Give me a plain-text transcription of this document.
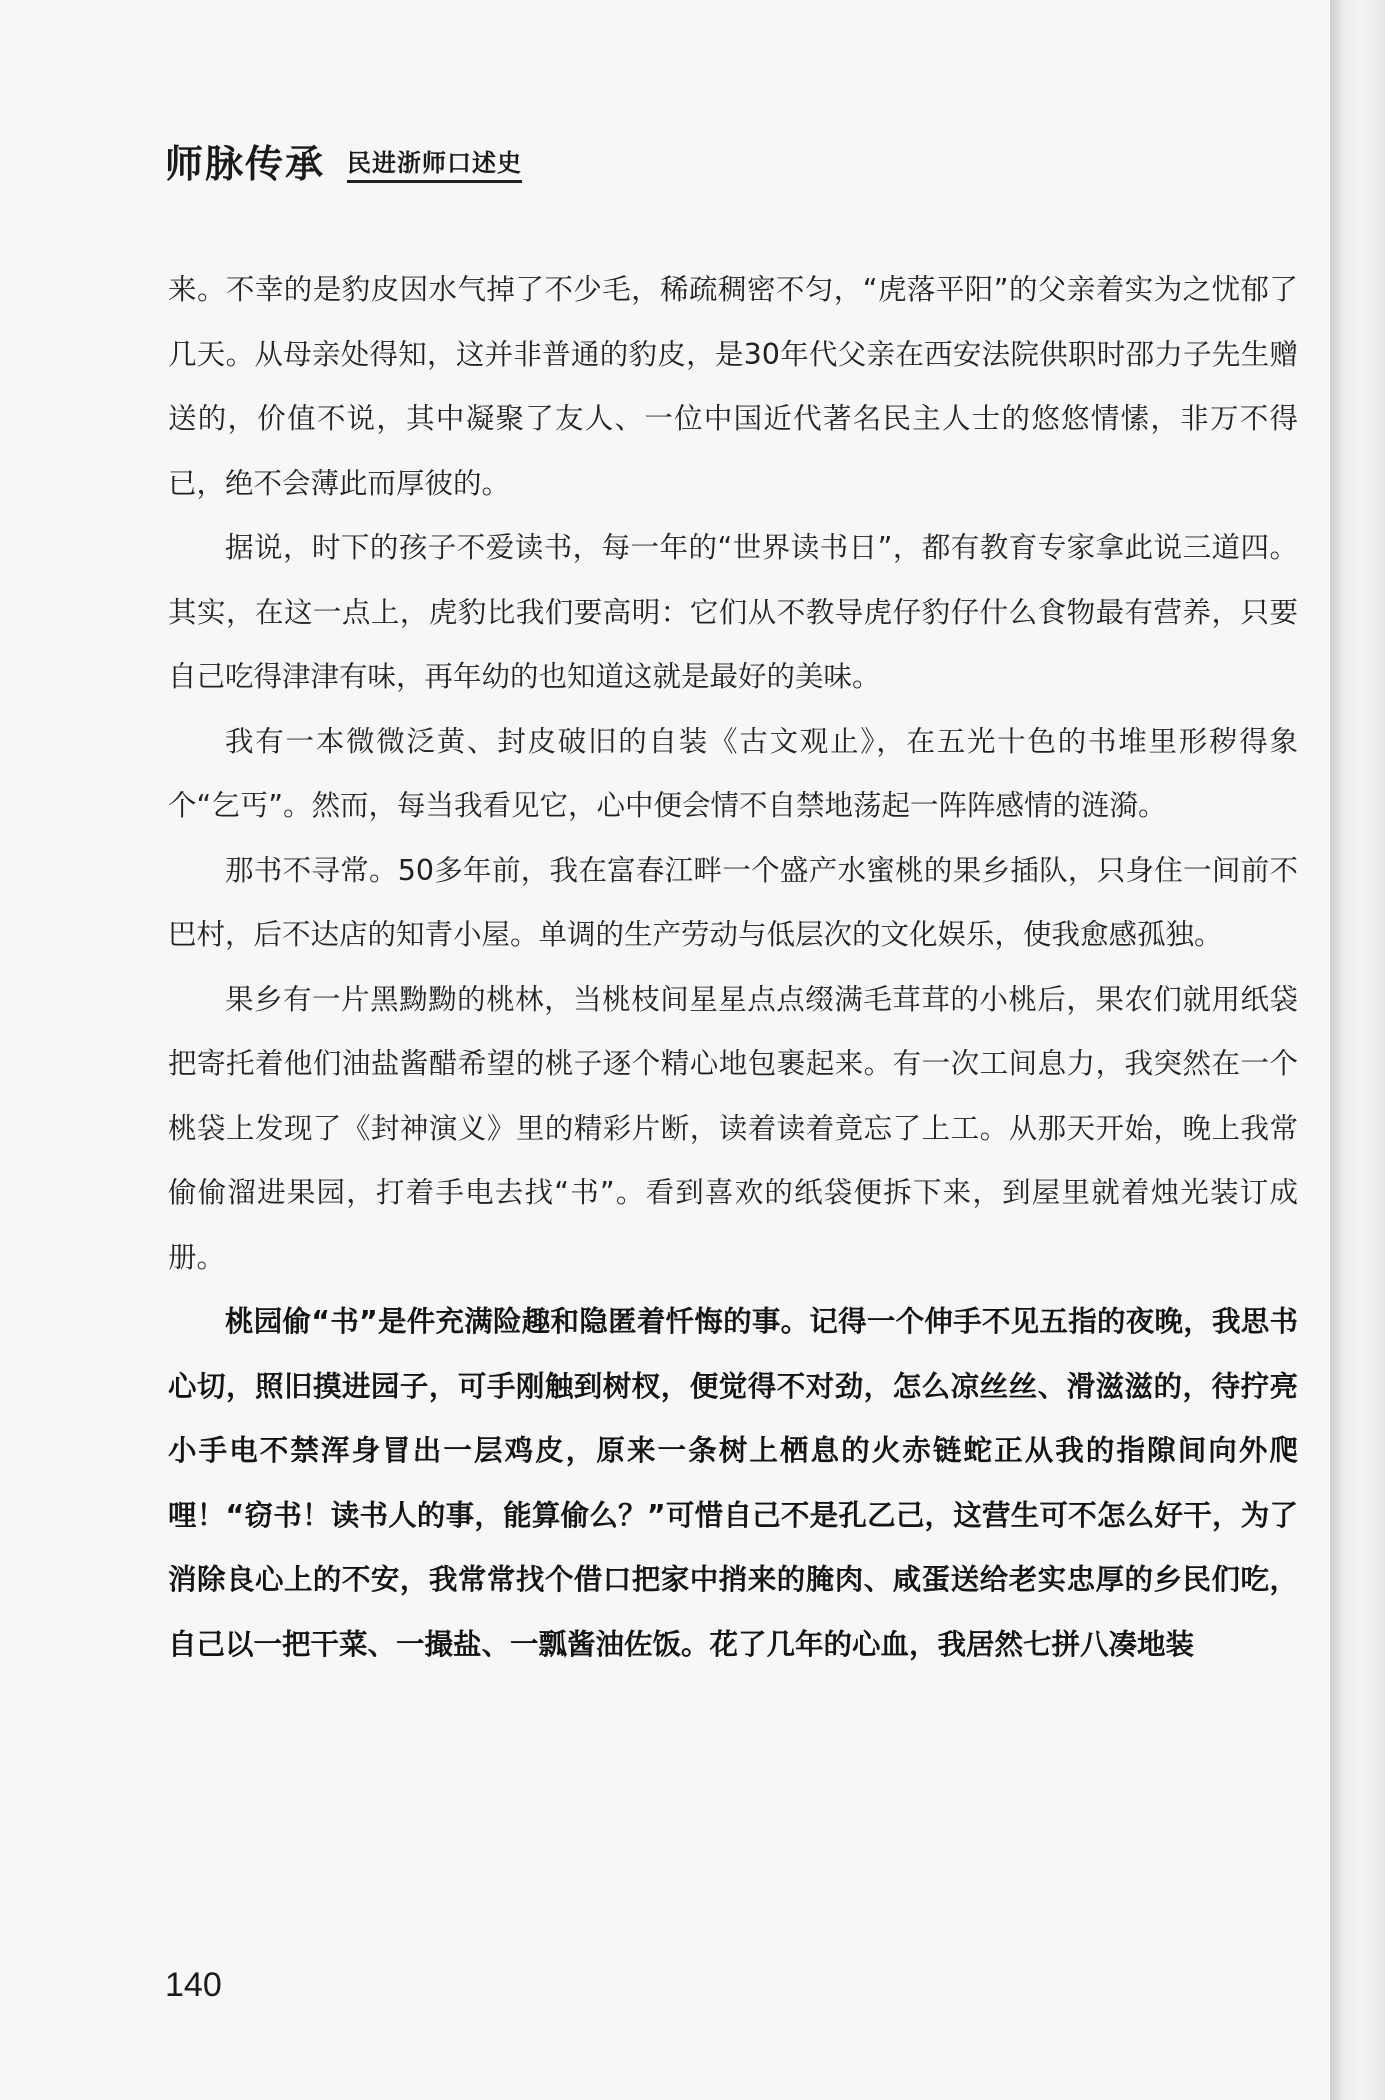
师脉传承 民进浙师口述史

来。不幸的是豹皮因水气掉了不少毛，稀疏稠密不匀，“虎落平阳”的父亲着实为之忧郁了几天。从母亲处得知，这并非普通的豹皮，是30年代父亲在西安法院供职时邵力子先生赠送的，价值不说，其中凝聚了友人、一位中国近代著名民主人士的悠悠情愫，非万不得已，绝不会薄此而厚彼的。

据说，时下的孩子不爱读书，每一年的“世界读书日”，都有教育专家拿此说三道四。其实，在这一点上，虎豹比我们要高明：它们从不教导虎仔豹仔什么食物最有营养，只要自己吃得津津有味，再年幼的也知道这就是最好的美味。

我有一本微微泛黄、封皮破旧的自装《古文观止》，在五光十色的书堆里形秽得象个“乞丐”。然而，每当我看见它，心中便会情不自禁地荡起一阵阵感情的涟漪。

那书不寻常。50多年前，我在富春江畔一个盛产水蜜桃的果乡插队，只身住一间前不巴村，后不达店的知青小屋。单调的生产劳动与低层次的文化娱乐，使我愈感孤独。

果乡有一片黑黝黝的桃林，当桃枝间星星点点缀满毛茸茸的小桃后，果农们就用纸袋把寄托着他们油盐酱醋希望的桃子逐个精心地包裹起来。有一次工间息力，我突然在一个桃袋上发现了《封神演义》里的精彩片断，读着读着竟忘了上工。从那天开始，晚上我常偷偷溜进果园，打着手电去找“书”。看到喜欢的纸袋便拆下来，到屋里就着烛光装订成册。

桃园偷“书”是件充满险趣和隐匿着忏悔的事。记得一个伸手不见五指的夜晚，我思书心切，照旧摸进园子，可手刚触到树杈，便觉得不对劲，怎么凉丝丝、滑滋滋的，待拧亮小手电不禁浑身冒出一层鸡皮，原来一条树上栖息的火赤链蛇正从我的指隙间向外爬哩！“窃书！读书人的事，能算偷么？”可惜自己不是孔乙己，这营生可不怎么好干，为了消除良心上的不安，我常常找个借口把家中捎来的腌肉、咸蛋送给老实忠厚的乡民们吃，自己以一把干菜、一撮盐、一瓢酱油佐饭。花了几年的心血，我居然七拼八凑地装

140
